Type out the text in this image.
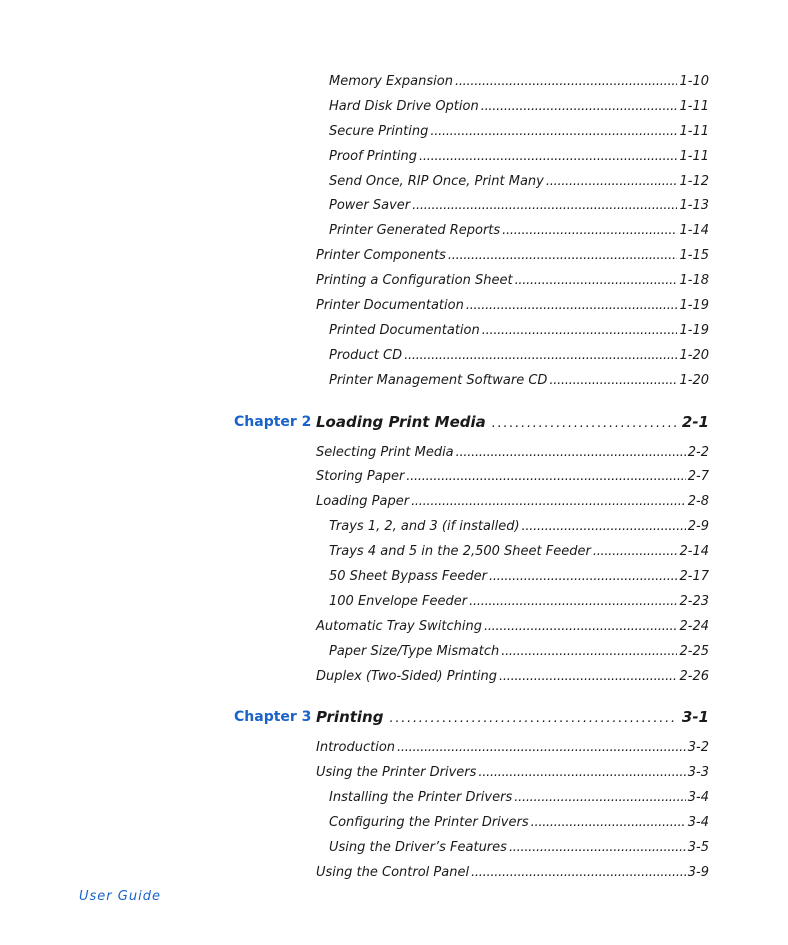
Memory Expansion . . .	1-10
Hard Disk Drive Option . . .	1-11
Secure Printing . . .	1-11
Proof Printing . . .	1-11
Send Once, RIP Once, Print Many . . .	1-12
Power Saver . . .	1-13
Printer Generated Reports . . .	1-14
Printer Components . . .	1-15
Printing a Configuration Sheet . . .	1-18
Printer Documentation . . .	1-19
Printed Documentation . . .	1-19
Product CD . . .	1-20
Printer Management Software CD . . .	1-20
Chapter 2 Loading Print Media . . .	2-1
Selecting Print Media . . .	2-2
Storing Paper . . .	2-7
Loading Paper . . .	2-8
Trays 1, 2, and 3 (if installed) . . .	2-9
Trays 4 and 5 in the 2,500 Sheet Feeder . . .	2-14
50 Sheet Bypass Feeder . . .	2-17
100 Envelope Feeder . . .	2-23
Automatic Tray Switching . . .	2-24
Paper Size/Type Mismatch . . .	2-25
Duplex (Two-Sided) Printing . . .	2-26
Chapter 3 Printing . . .	3-1
Introduction . . .	3-2
Using the Printer Drivers . . .	3-3
Installing the Printer Drivers . . .	3-4
Configuring the Printer Drivers . . .	3-4
Using the Driver’s Features . . .	3-5
Using the Control Panel . . .	3-9
User Guide
